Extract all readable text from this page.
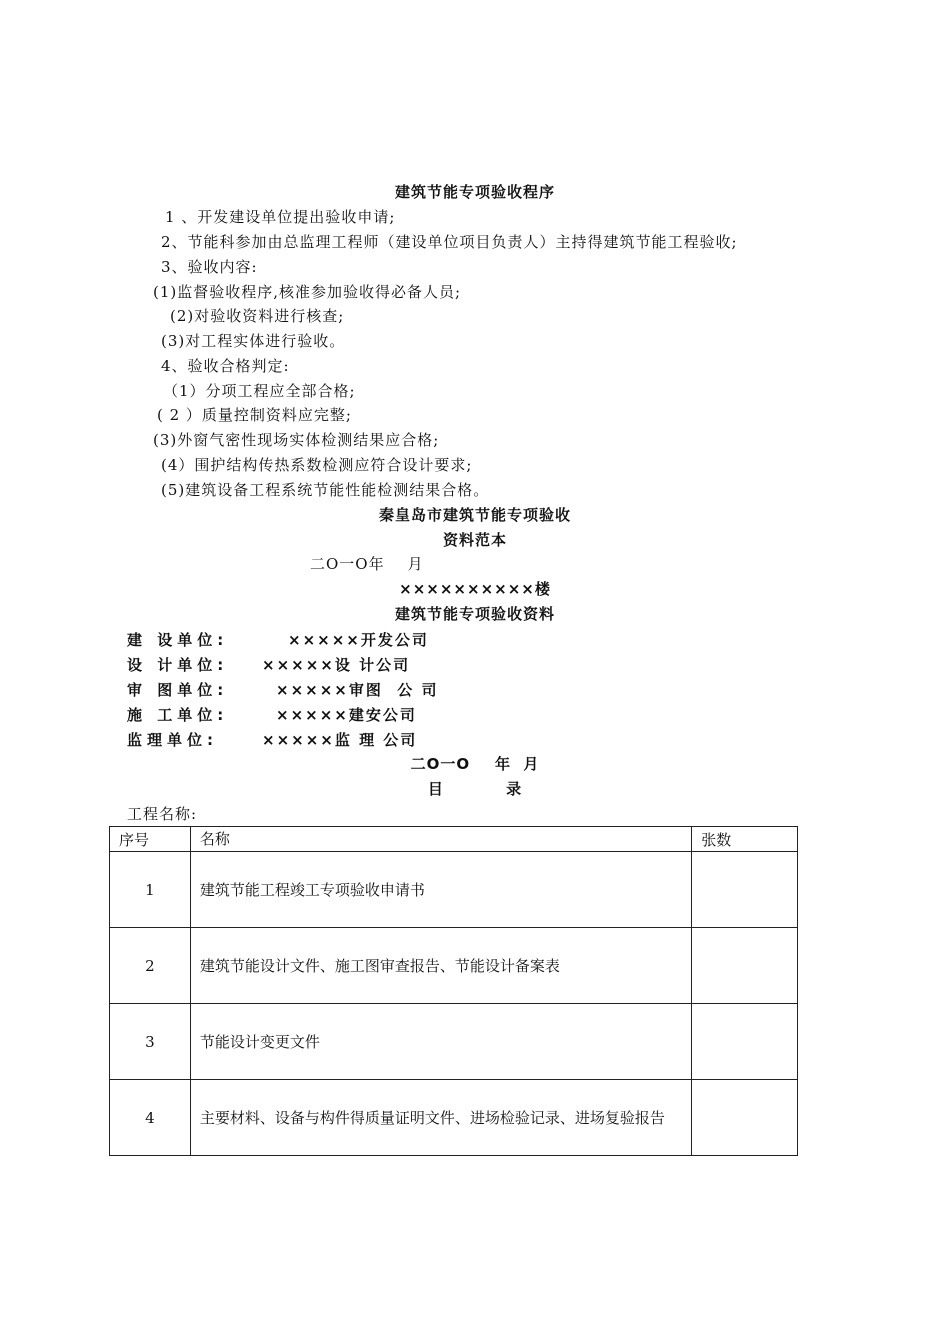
建筑节能专项验收程序
1 、开发建设单位提出验收申请;
2、节能科参加由总监理工程师（建设单位项目负责人）主持得建筑节能工程验收;
3、验收内容:
(1)监督验收程序,核准参加验收得必备人员;
(2)对验收资料进行核查;
(3)对工程实体进行验收。
4、验收合格判定:
（1）分项工程应全部合格;
( 2 ）质量控制资料应完整;
(3)外窗气密性现场实体检测结果应合格;
(4）围护结构传热系数检测应符合设计要求;
(5)建筑设备工程系统节能性能检测结果合格。
秦皇岛市建筑节能专项验收
资料范本
二O一O年    月
××××××××××楼
建筑节能专项验收资料
建 设单位:	×××××开发公司
设 计单位: ×××××设 计公司
审 图单位:	×××××审图  公 司
施 工单位:	×××××建安公司
监理单位:	×××××监 理 公司
二O一O    年  月
目          录
工程名称:
序号	名称	张数
1	建筑节能工程竣工专项验收申请书	
2	建筑节能设计文件、施工图审查报告、节能设计备案表	
3	节能设计变更文件	
4	主要材料、设备与构件得质量证明文件、进场检验记录、进场复验报告	
